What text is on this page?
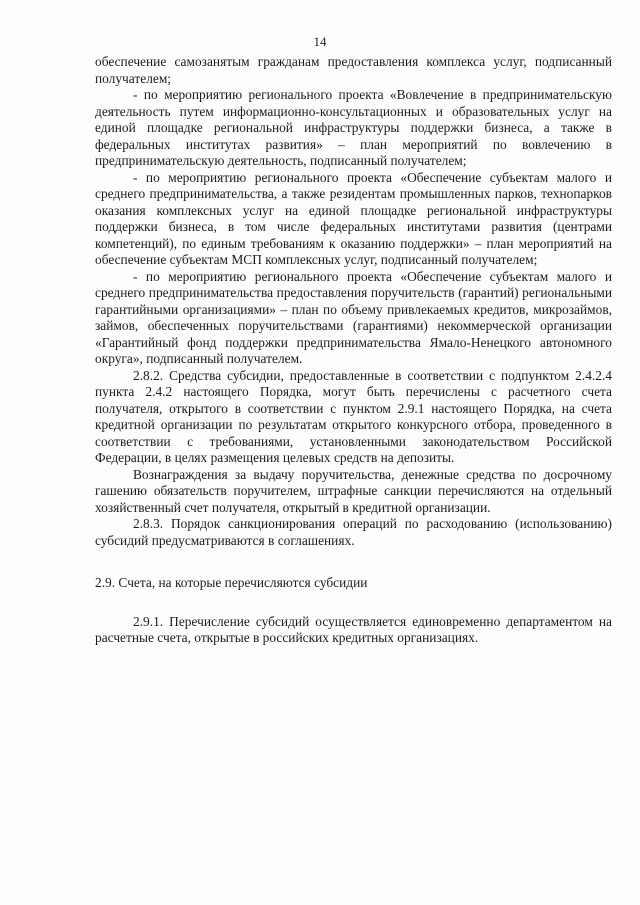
14

обеспечение самозанятым гражданам предоставления комплекса услуг, подписанный получателем;

- по мероприятию регионального проекта «Вовлечение в предпринимательскую деятельность путем информационно-консультационных и образовательных услуг на единой площадке региональной инфраструктуры поддержки бизнеса, а также в федеральных институтах развития» – план мероприятий по вовлечению в предпринимательскую деятельность, подписанный получателем;

- по мероприятию регионального проекта «Обеспечение субъектам малого и среднего предпринимательства, а также резидентам промышленных парков, технопарков оказания комплексных услуг на единой площадке региональной инфраструктуры поддержки бизнеса, в том числе федеральных институтами развития (центрами компетенций), по единым требованиям к оказанию поддержки» – план мероприятий на обеспечение субъектам МСП комплексных услуг, подписанный получателем;

- по мероприятию регионального проекта «Обеспечение субъектам малого и среднего предпринимательства предоставления поручительств (гарантий) региональными гарантийными организациями» – план по объему привлекаемых кредитов, микрозаймов, займов, обеспеченных поручительствами (гарантиями) некоммерческой организации «Гарантийный фонд поддержки предпринимательства Ямало-Ненецкого автономного округа», подписанный получателем.

2.8.2. Средства субсидии, предоставленные в соответствии с подпунктом 2.4.2.4 пункта 2.4.2 настоящего Порядка, могут быть перечислены с расчетного счета получателя, открытого в соответствии с пунктом 2.9.1 настоящего Порядка, на счета кредитной организации по результатам открытого конкурсного отбора, проведенного в соответствии с требованиями, установленными законодательством Российской Федерации, в целях размещения целевых средств на депозиты.

Вознаграждения за выдачу поручительства, денежные средства по досрочному гашению обязательств поручителем, штрафные санкции перечисляются на отдельный хозяйственный счет получателя, открытый в кредитной организации.

2.8.3. Порядок санкционирования операций по расходованию (использованию) субсидий предусматриваются в соглашениях.

2.9. Счета, на которые перечисляются субсидии

2.9.1. Перечисление субсидий осуществляется единовременно департаментом на расчетные счета, открытые в российских кредитных организациях.
